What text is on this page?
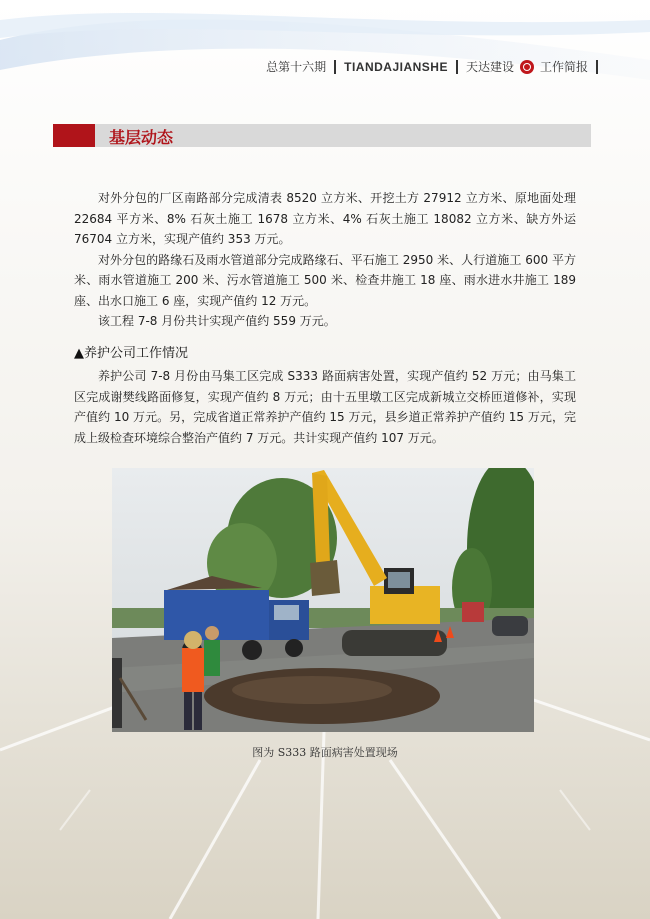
总第十六期 TIANDAJIANSHE 天达建设 工作简报
基层动态

对外分包的厂区南路部分完成清表 8520 立方米、开挖土方 27912 立方米、原地面处理 22684 平方米、8% 石灰土施工 1678 立方米、4% 石灰土施工 18082 立方米、缺方外运 76704 立方米，实现产值约 353 万元。

对外分包的路缘石及雨水管道部分完成路缘石、平石施工 2950 米、人行道施工 600 平方米、雨水管道施工 200 米、污水管道施工 500 米、检查井施工 18 座、雨水进水井施工 189 座、出水口施工 6 座，实现产值约 12 万元。

该工程 7-8 月份共计实现产值约 559 万元。

▲养护公司工作情况

养护公司 7-8 月份由马集工区完成 S333 路面病害处置，实现产值约 52 万元；由马集工区完成谢樊线路面修复，实现产值约 8 万元；由十五里墩工区完成新城立交桥匝道修补，实现产值约 10 万元。另，完成省道正常养护产值约 15 万元，县乡道正常养护产值约 15 万元，完成上级检查环境综合整治产值约 7 万元。共计实现产值约 107 万元。

图为 S333 路面病害处置现场
